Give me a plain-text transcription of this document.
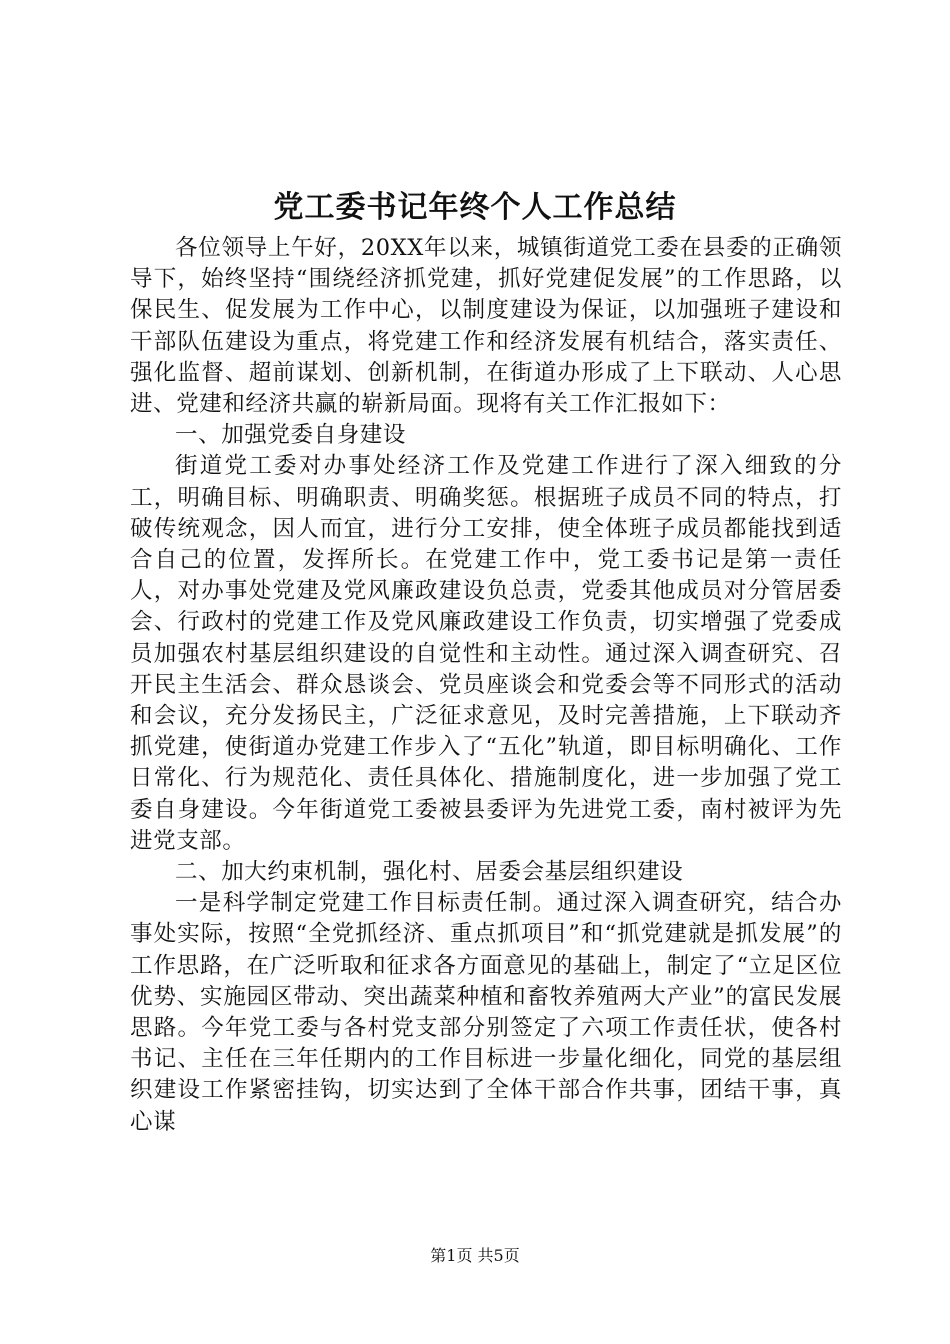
党工委书记年终个人工作总结

各位领导上午好，20XX年以来，城镇街道党工委在县委的正确领导下，始终坚持“围绕经济抓党建，抓好党建促发展”的工作思路，以保民生、促发展为工作中心，以制度建设为保证，以加强班子建设和干部队伍建设为重点，将党建工作和经济发展有机结合，落实责任、强化监督、超前谋划、创新机制，在街道办形成了上下联动、人心思进、党建和经济共赢的崭新局面。现将有关工作汇报如下：

一、加强党委自身建设

街道党工委对办事处经济工作及党建工作进行了深入细致的分工，明确目标、明确职责、明确奖惩。根据班子成员不同的特点，打破传统观念，因人而宜，进行分工安排，使全体班子成员都能找到适合自己的位置，发挥所长。在党建工作中，党工委书记是第一责任人，对办事处党建及党风廉政建设负总责，党委其他成员对分管居委会、行政村的党建工作及党风廉政建设工作负责，切实增强了党委成员加强农村基层组织建设的自觉性和主动性。通过深入调查研究、召开民主生活会、群众恳谈会、党员座谈会和党委会等不同形式的活动和会议，充分发扬民主，广泛征求意见，及时完善措施，上下联动齐抓党建，使街道办党建工作步入了“五化”轨道，即目标明确化、工作日常化、行为规范化、责任具体化、措施制度化，进一步加强了党工委自身建设。今年街道党工委被县委评为先进党工委，南村被评为先进党支部。

二、加大约束机制，强化村、居委会基层组织建设

一是科学制定党建工作目标责任制。通过深入调查研究，结合办事处实际，按照“全党抓经济、重点抓项目”和“抓党建就是抓发展”的工作思路，在广泛听取和征求各方面意见的基础上，制定了“立足区位优势、实施园区带动、突出蔬菜种植和畜牧养殖两大产业”的富民发展思路。今年党工委与各村党支部分别签定了六项工作责任状，使各村书记、主任在三年任期内的工作目标进一步量化细化，同党的基层组织建设工作紧密挂钩，切实达到了全体干部合作共事，团结干事，真心谋

第1页 共5页
